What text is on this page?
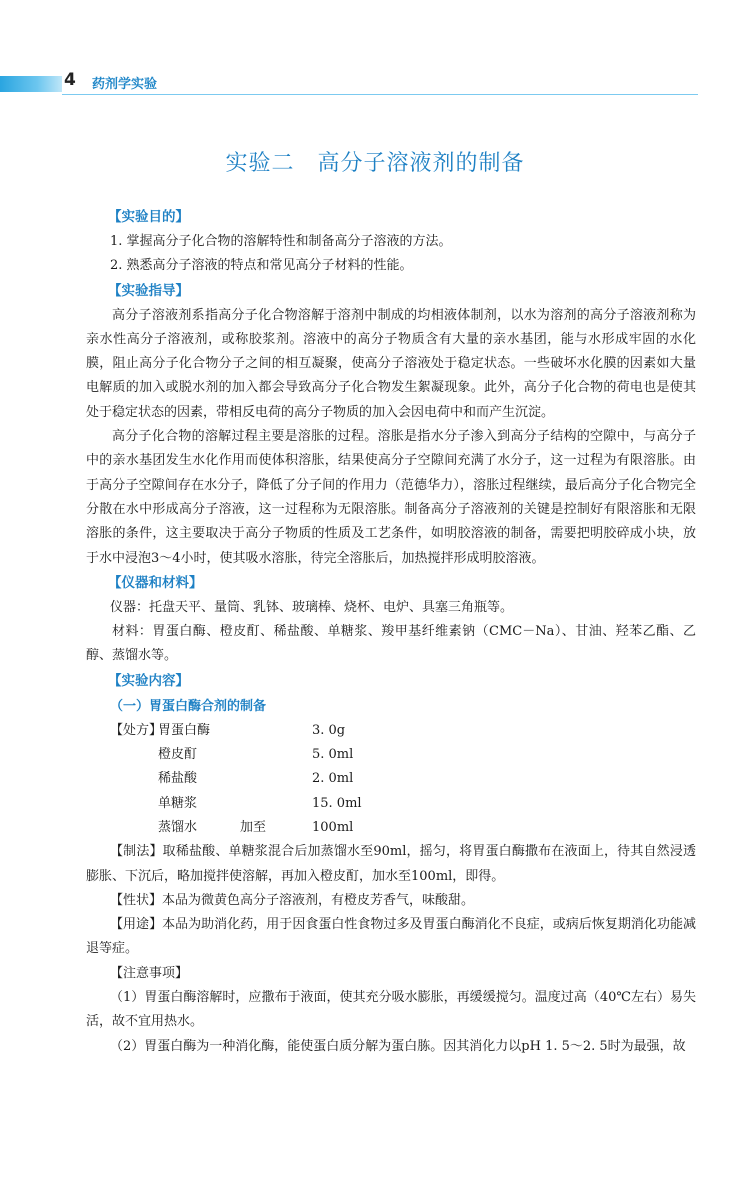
4 药剂学实验
实验二　高分子溶液剂的制备
【实验目的】

1. 掌握高分子化合物的溶解特性和制备高分子溶液的方法。

2. 熟悉高分子溶液的特点和常见高分子材料的性能。

【实验指导】

高分子溶液剂系指高分子化合物溶解于溶剂中制成的均相液体制剂，以水为溶剂的高分子溶液剂称为亲水性高分子溶液剂，或称胶浆剂。溶液中的高分子物质含有大量的亲水基团，能与水形成牢固的水化膜，阻止高分子化合物分子之间的相互凝聚，使高分子溶液处于稳定状态。一些破坏水化膜的因素如大量电解质的加入或脱水剂的加入都会导致高分子化合物发生絮凝现象。此外，高分子化合物的荷电也是使其处于稳定状态的因素，带相反电荷的高分子物质的加入会因电荷中和而产生沉淀。

高分子化合物的溶解过程主要是溶胀的过程。溶胀是指水分子渗入到高分子结构的空隙中，与高分子中的亲水基团发生水化作用而使体积溶胀，结果使高分子空隙间充满了水分子，这一过程为有限溶胀。由于高分子空隙间存在水分子，降低了分子间的作用力（范德华力），溶胀过程继续，最后高分子化合物完全分散在水中形成高分子溶液，这一过程称为无限溶胀。制备高分子溶液剂的关键是控制好有限溶胀和无限溶胀的条件，这主要取决于高分子物质的性质及工艺条件，如明胶溶液的制备，需要把明胶碎成小块，放于水中浸泡3～4小时，使其吸水溶胀，待完全溶胀后，加热搅拌形成明胶溶液。

【仪器和材料】

仪器：托盘天平、量筒、乳钵、玻璃棒、烧杯、电炉、具塞三角瓶等。

材料：胃蛋白酶、橙皮酊、稀盐酸、单糖浆、羧甲基纤维素钠（CMC－Na）、甘油、羟苯乙酯、乙醇、蒸馏水等。

【实验内容】
（一）胃蛋白酶合剂的制备
【处方】
胃蛋白酶	3. 0g
橙皮酊	5. 0ml
稀盐酸	2. 0ml
单糖浆	15. 0ml
蒸馏水	加至	100ml

【制法】取稀盐酸、单糖浆混合后加蒸馏水至90ml，摇匀，将胃蛋白酶撒布在液面上，待其自然浸透膨胀、下沉后，略加搅拌使溶解，再加入橙皮酊，加水至100ml，即得。

【性状】本品为微黄色高分子溶液剂，有橙皮芳香气，味酸甜。

【用途】本品为助消化药，用于因食蛋白性食物过多及胃蛋白酶消化不良症，或病后恢复期消化功能减退等症。

【注意事项】

（1）胃蛋白酶溶解时，应撒布于液面，使其充分吸水膨胀，再缓缓搅匀。温度过高（40℃左右）易失活，故不宜用热水。

（2）胃蛋白酶为一种消化酶，能使蛋白质分解为蛋白胨。因其消化力以pH 1. 5～2. 5时为最强，故
